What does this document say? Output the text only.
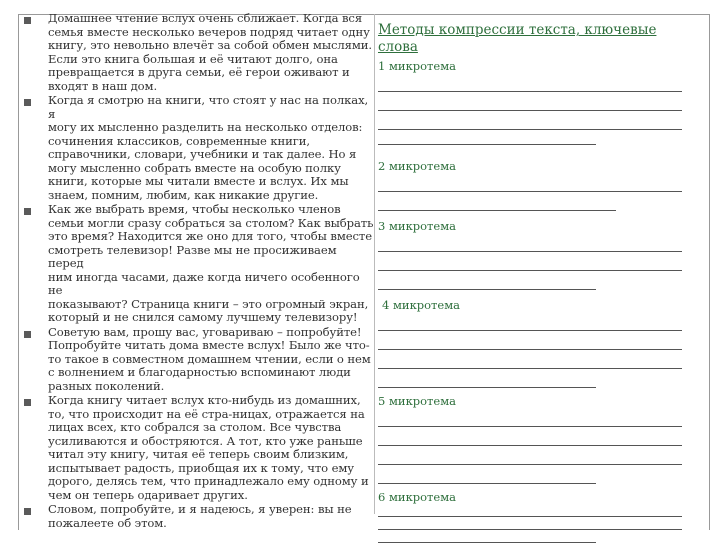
Домашнее чтение вслух очень сближает. Когда вся
семья вместе несколько вечеров подряд читает одну
книгу, это невольно влечёт за собой обмен мыслями.
Если это книга большая и её читают долго, она
превращается в друга семьи, её герои оживают и
входят в наш дом.
Когда я смотрю на книги, что стоят у нас на полках, я
могу их мысленно разделить на несколько отделов:
сочинения классиков, современные книги,
справочники, словари, учебники и так далее. Но я
могу мысленно собрать вместе на особую полку
книги, которые мы читали вместе и вслух. Их мы
знаем, помним, любим, как никакие другие.
Как же выбрать время, чтобы несколько членов
семьи могли сразу собраться за столом? Как выбрать
это время? Находится же оно для того, чтобы вместе
смотреть телевизор! Разве мы не просиживаем перед
ним иногда часами, даже когда ничего особенного не
показывают? Страница книги – это огромный экран,
который и не снился самому лучшему телевизору!
Советую вам, прошу вас, уговариваю – попробуйте!
Попробуйте читать дома вместе вслух! Было же что-
то такое в совместном домашнем чтении, если о нем
с волнением и благодарностью вспоминают люди
разных поколений.
Когда книгу читает вслух кто-нибудь из домашних,
то, что происходит на её стра-ницах, отражается на
лицах всех, кто собрался за столом. Все чувства
усиливаются и обостряются. А тот, кто уже раньше
читал эту книгу, читая её теперь своим близким,
испытывает радость, приобщая их к тому, что ему
дорого, делясь тем, что принадлежало ему одному и
чем он теперь одаривает других.
Словом, попробуйте, и я надеюсь, я уверен: вы не
пожалеете об этом.
Методы компрессии текста, ключевые слова
1 микротема
2 микротема
3 микротема
4 микротема
5 микротема
6 микротема
